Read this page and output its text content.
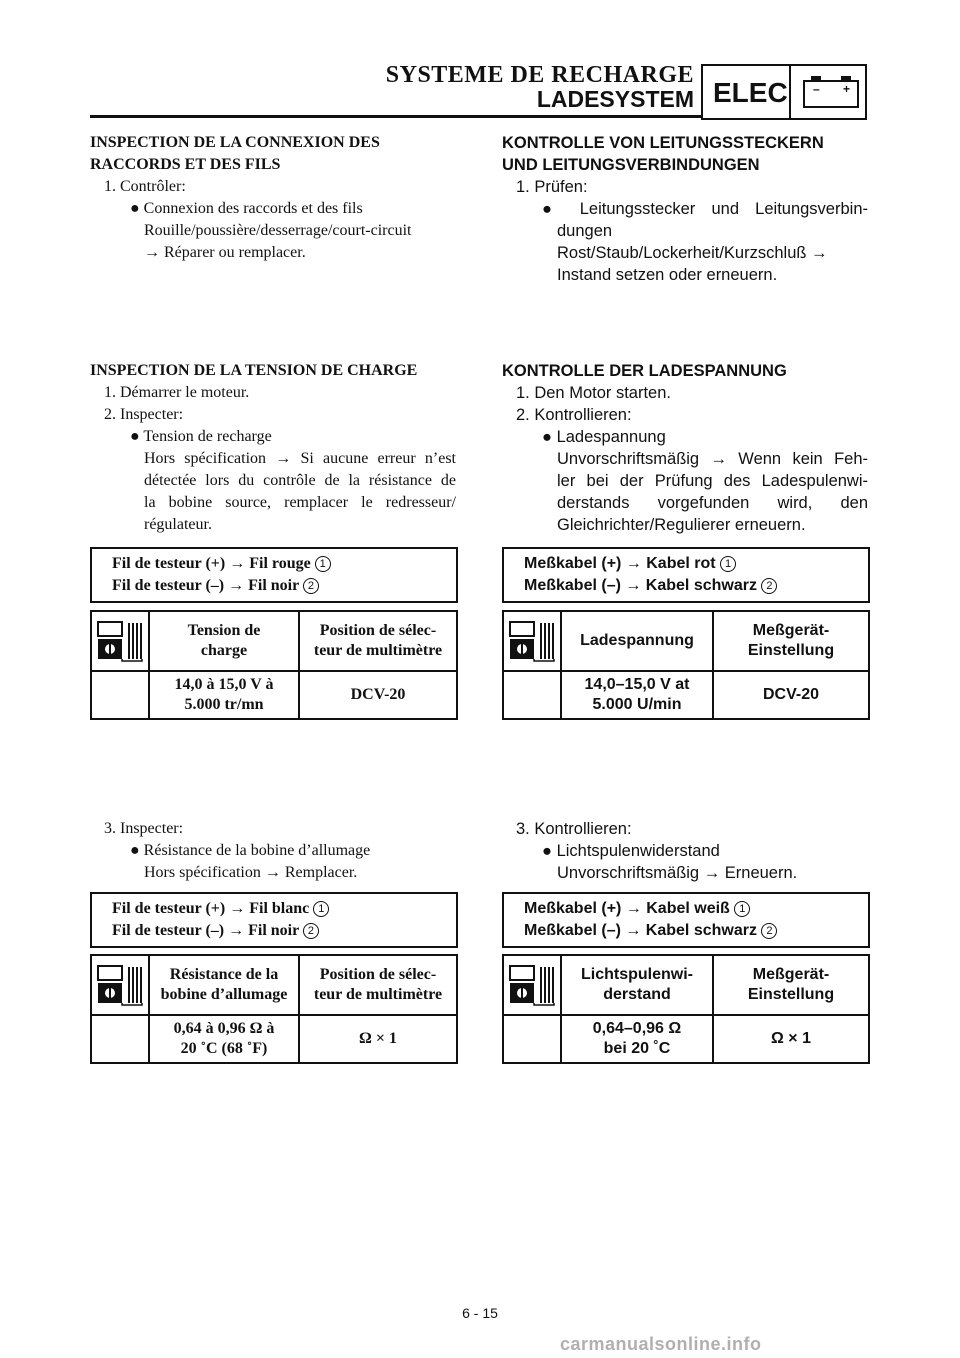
SYSTEME DE RECHARGE
LADESYSTEM ELEC – +
INSPECTION DE LA CONNEXION DES
RACCORDS ET DES FILS
1. Contrôler:
● Connexion des raccords et des fils
Rouille/poussière/desserrage/court-circuit
→ Réparer ou remplacer.
KONTROLLE VON LEITUNGSSTECKERN
UND LEITUNGSVERBINDUNGEN
1. Prüfen:
● Leitungsstecker und Leitungsverbin-
dungen
Rost/Staub/Lockerheit/Kurzschluß →
Instand setzen oder erneuern.
INSPECTION DE LA TENSION DE CHARGE
1. Démarrer le moteur.
2. Inspecter:
● Tension de recharge
Hors spécification → Si aucune erreur n’est
détectée lors du contrôle de la résistance de
la bobine source, remplacer le redresseur/
régulateur.
KONTROLLE DER LADESPANNUNG
1. Den Motor starten.
2. Kontrollieren:
● Ladespannung
Unvorschriftsmäßig → Wenn kein Feh-
ler bei der Prüfung des Ladespulenwi-
derstands vorgefunden wird, den
Gleichrichter/Regulierer erneuern.
Fil de testeur (+) → Fil rouge 1
Fil de testeur (–) → Fil noir 2
Meßkabel (+) → Kabel rot 1
Meßkabel (–) → Kabel schwarz 2
	Tension de
charge	Position de sélec-
teur de multimètre
	14,0 à 15,0 V à
5.000 tr/mn	DCV-20
	Ladespannung	Meßgerät-
Einstellung
	14,0–15,0 V at
5.000 U/min	DCV-20
3. Inspecter:
● Résistance de la bobine d’allumage
Hors spécification → Remplacer.
3. Kontrollieren:
● Lichtspulenwiderstand
Unvorschriftsmäßig → Erneuern.
Fil de testeur (+) → Fil blanc 1
Fil de testeur (–) → Fil noir 2
Meßkabel (+) → Kabel weiß 1
Meßkabel (–) → Kabel schwarz 2
	Résistance de la
bobine d’allumage	Position de sélec-
teur de multimètre
	0,64 à 0,96 Ω à
20 ˚C (68 ˚F)	Ω × 1
	Lichtspulenwi-
derstand	Meßgerät-
Einstellung
	0,64–0,96 Ω
bei 20 ˚C	Ω × 1
6 - 15
carmanualsonline.info
